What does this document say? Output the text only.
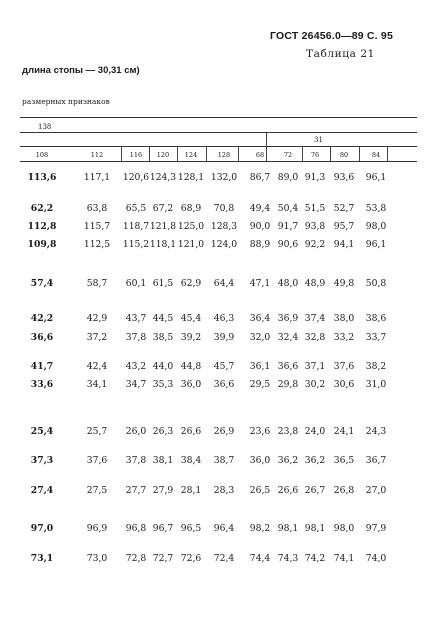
ГОСТ 26456.0—89 С. 95
Таблица 21
длина стопы — 30,31 см)
размерных признаков
138
31
108	112	116	120	124	128	68	72	76	80	84
113,6	117,1	120,6 124,3 128,1 132,0	86,7 89,0 91,3 93,6	96,1
62,2	63,8	65,5 67,2 68,9	70,8	49,4 50,4 51,5 52,7	53,8
112,8	115,7	118,7 121,8 125,0 128,3	90,0 91,7 93,8 95,7	98,0
109,8	112,5	115,2 118,1 121,0 124,0	88,9 90,6 92,2 94,1	96,1
57,4	58,7	60,1 61,5 62,9	64,4	47,1 48,0 48,9 49,8	50,8
42,2	42,9	43,7 44,5 45,4	46,3	36,4 36,9 37,4 38,0	38,6
36,6	37,2	37,8 38,5 39,2	39,9	32,0 32,4 32,8 33,2	33,7
41,7	42,4	43,2 44,0 44,8	45,7	36,1 36,6 37,1 37,6	38,2
33,6	34,1	34,7 35,3 36,0	36,6	29,5 29,8 30,2 30,6	31,0
25,4	25,7	26,0 26,3 26,6	26,9	23,6 23,8 24,0 24,1	24,3
37,3	37,6	37,8 38,1 38,4	38,7	36,0 36,2 36,2 36,5	36,7
27,4	27,5	27,7 27,9 28,1	28,3	26,5 26,6 26,7 26,8	27,0
97,0	96,9	96,8 96,7 96,5	96,4	98,2 98,1 98,1 98,0	97,9
73,1	73,0	72,8 72,7 72,6	72,4	74,4 74,3 74,2 74,1	74,0
